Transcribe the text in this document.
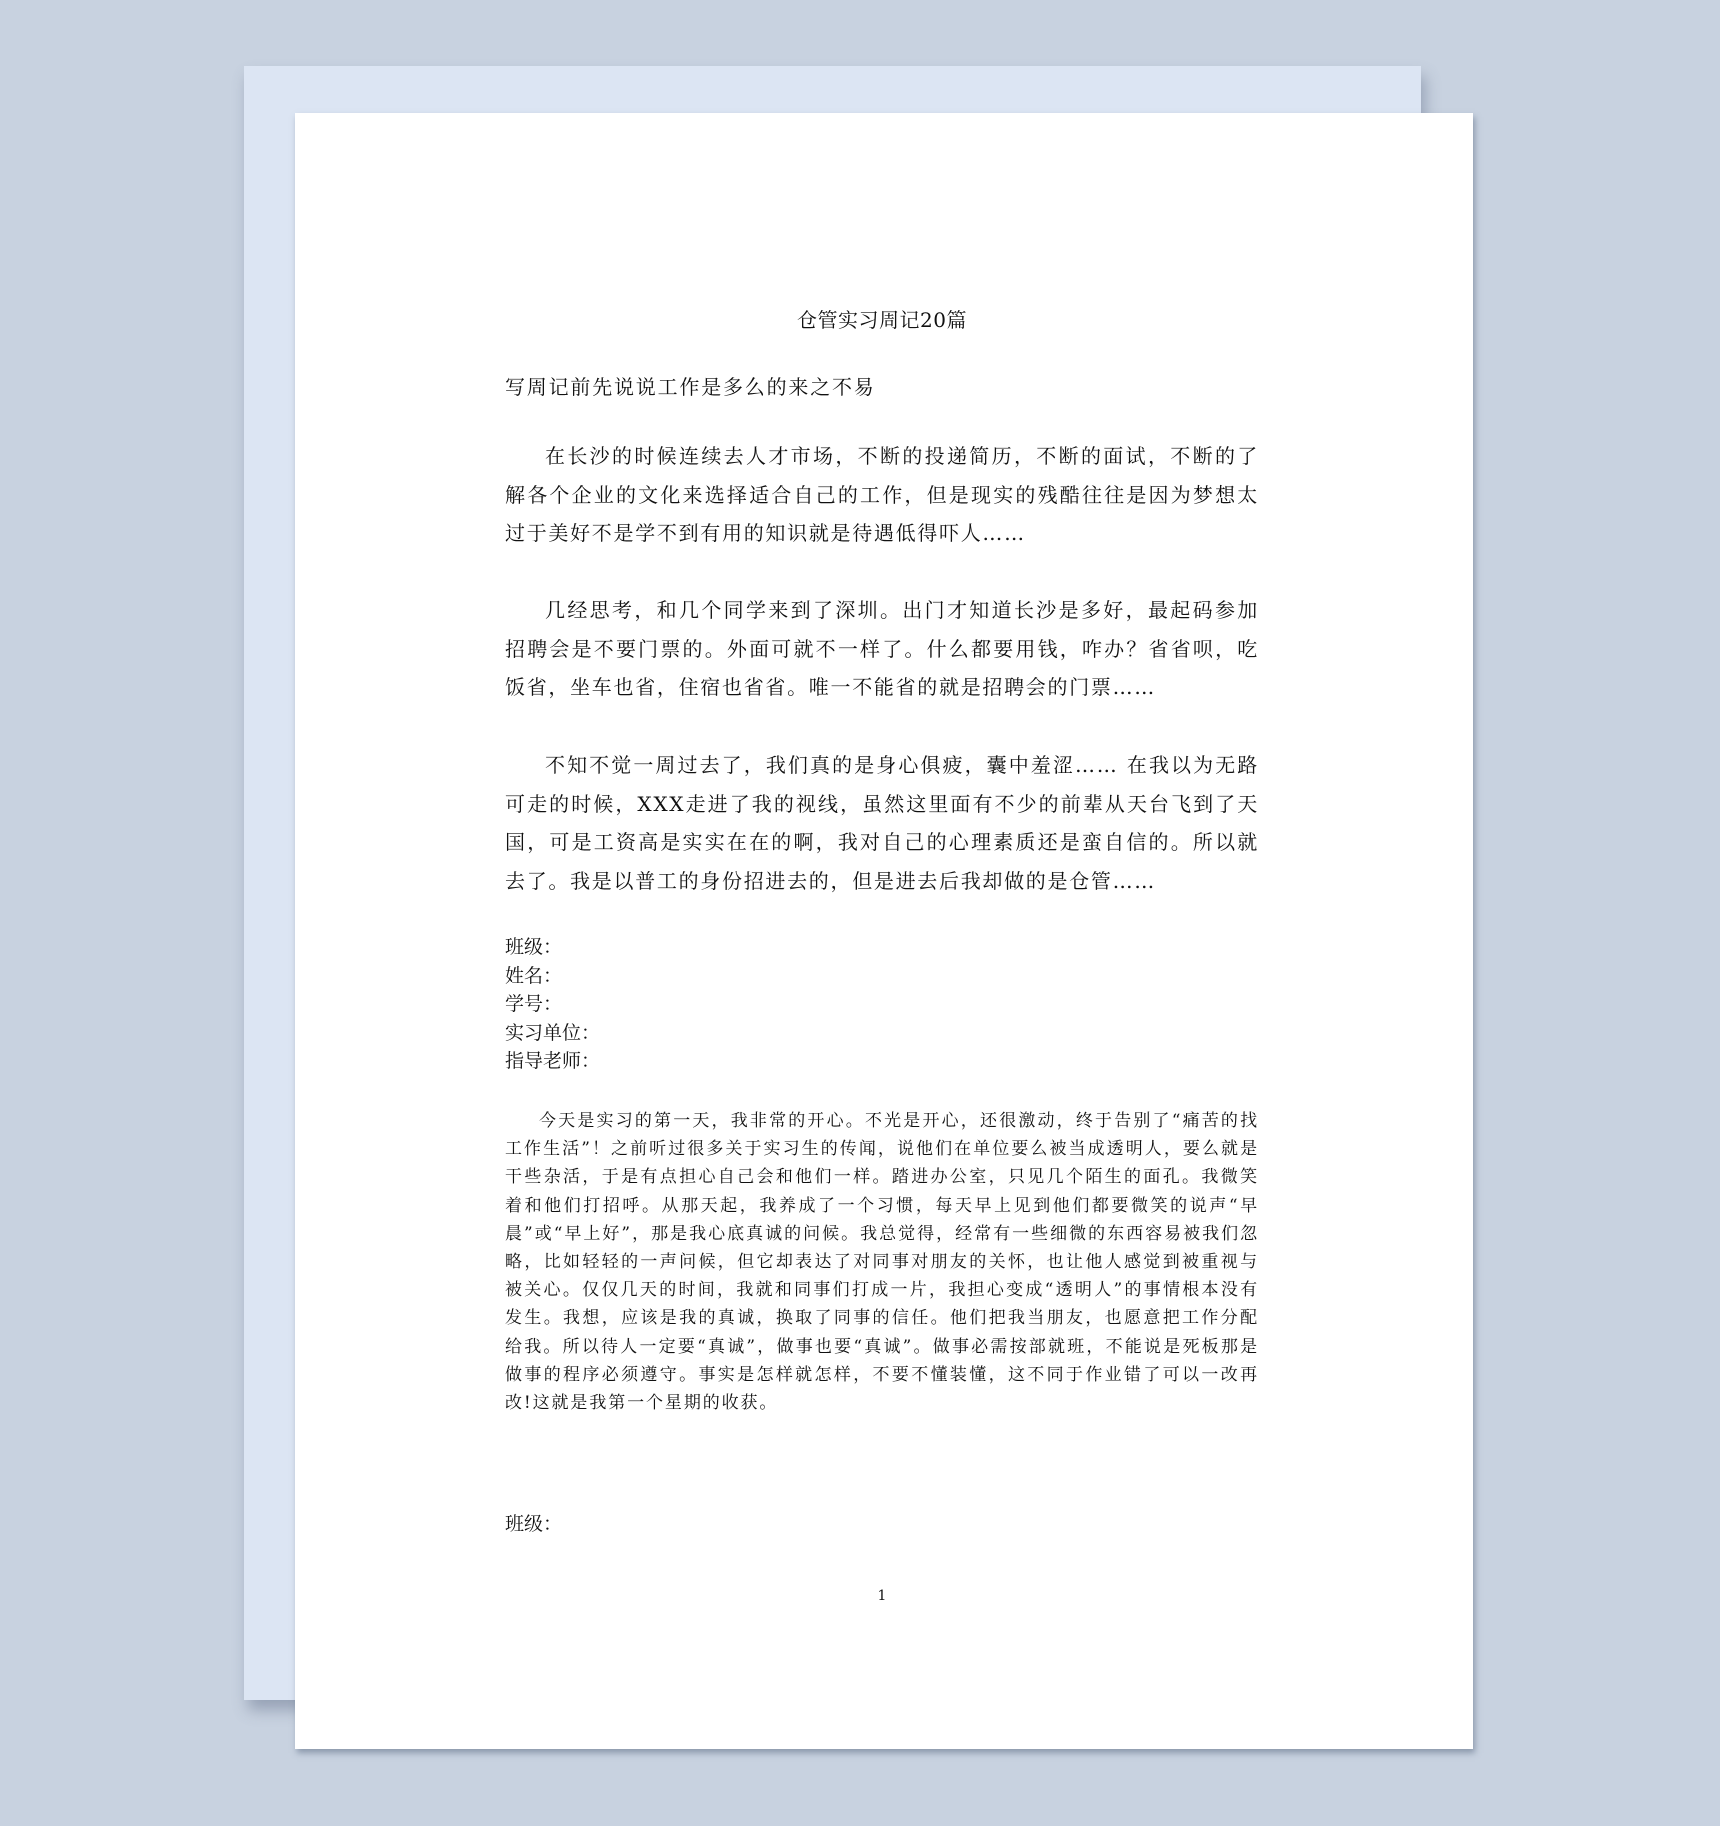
仓管实习周记20篇
写周记前先说说工作是多么的来之不易
在长沙的时候连续去人才市场，不断的投递简历，不断的面试，不断的了解各个企业的文化来选择适合自己的工作，但是现实的残酷往往是因为梦想太过于美好不是学不到有用的知识就是待遇低得吓人……
几经思考，和几个同学来到了深圳。出门才知道长沙是多好，最起码参加招聘会是不要门票的。外面可就不一样了。什么都要用钱，咋办？省省呗，吃饭省，坐车也省，住宿也省省。唯一不能省的就是招聘会的门票……
不知不觉一周过去了，我们真的是身心俱疲，囊中羞涩…… 在我以为无路可走的时候，XXX走进了我的视线，虽然这里面有不少的前辈从天台飞到了天国，可是工资高是实实在在的啊，我对自己的心理素质还是蛮自信的。所以就去了。我是以普工的身份招进去的，但是进去后我却做的是仓管……
班级：
姓名：
学号：
实习单位：
指导老师：
今天是实习的第一天，我非常的开心。不光是开心，还很激动，终于告别了“痛苦的找工作生活”！之前听过很多关于实习生的传闻，说他们在单位要么被当成透明人，要么就是干些杂活，于是有点担心自己会和他们一样。踏进办公室，只见几个陌生的面孔。我微笑着和他们打招呼。从那天起，我养成了一个习惯，每天早上见到他们都要微笑的说声“早晨”或“早上好”，那是我心底真诚的问候。我总觉得，经常有一些细微的东西容易被我们忽略，比如轻轻的一声问候，但它却表达了对同事对朋友的关怀，也让他人感觉到被重视与被关心。仅仅几天的时间，我就和同事们打成一片，我担心变成“透明人”的事情根本没有发生。我想，应该是我的真诚，换取了同事的信任。他们把我当朋友，也愿意把工作分配给我。所以待人一定要“真诚”，做事也要“真诚”。做事必需按部就班，不能说是死板那是做事的程序必须遵守。事实是怎样就怎样，不要不懂装懂，这不同于作业错了可以一改再改!这就是我第一个星期的收获。
班级：
1
